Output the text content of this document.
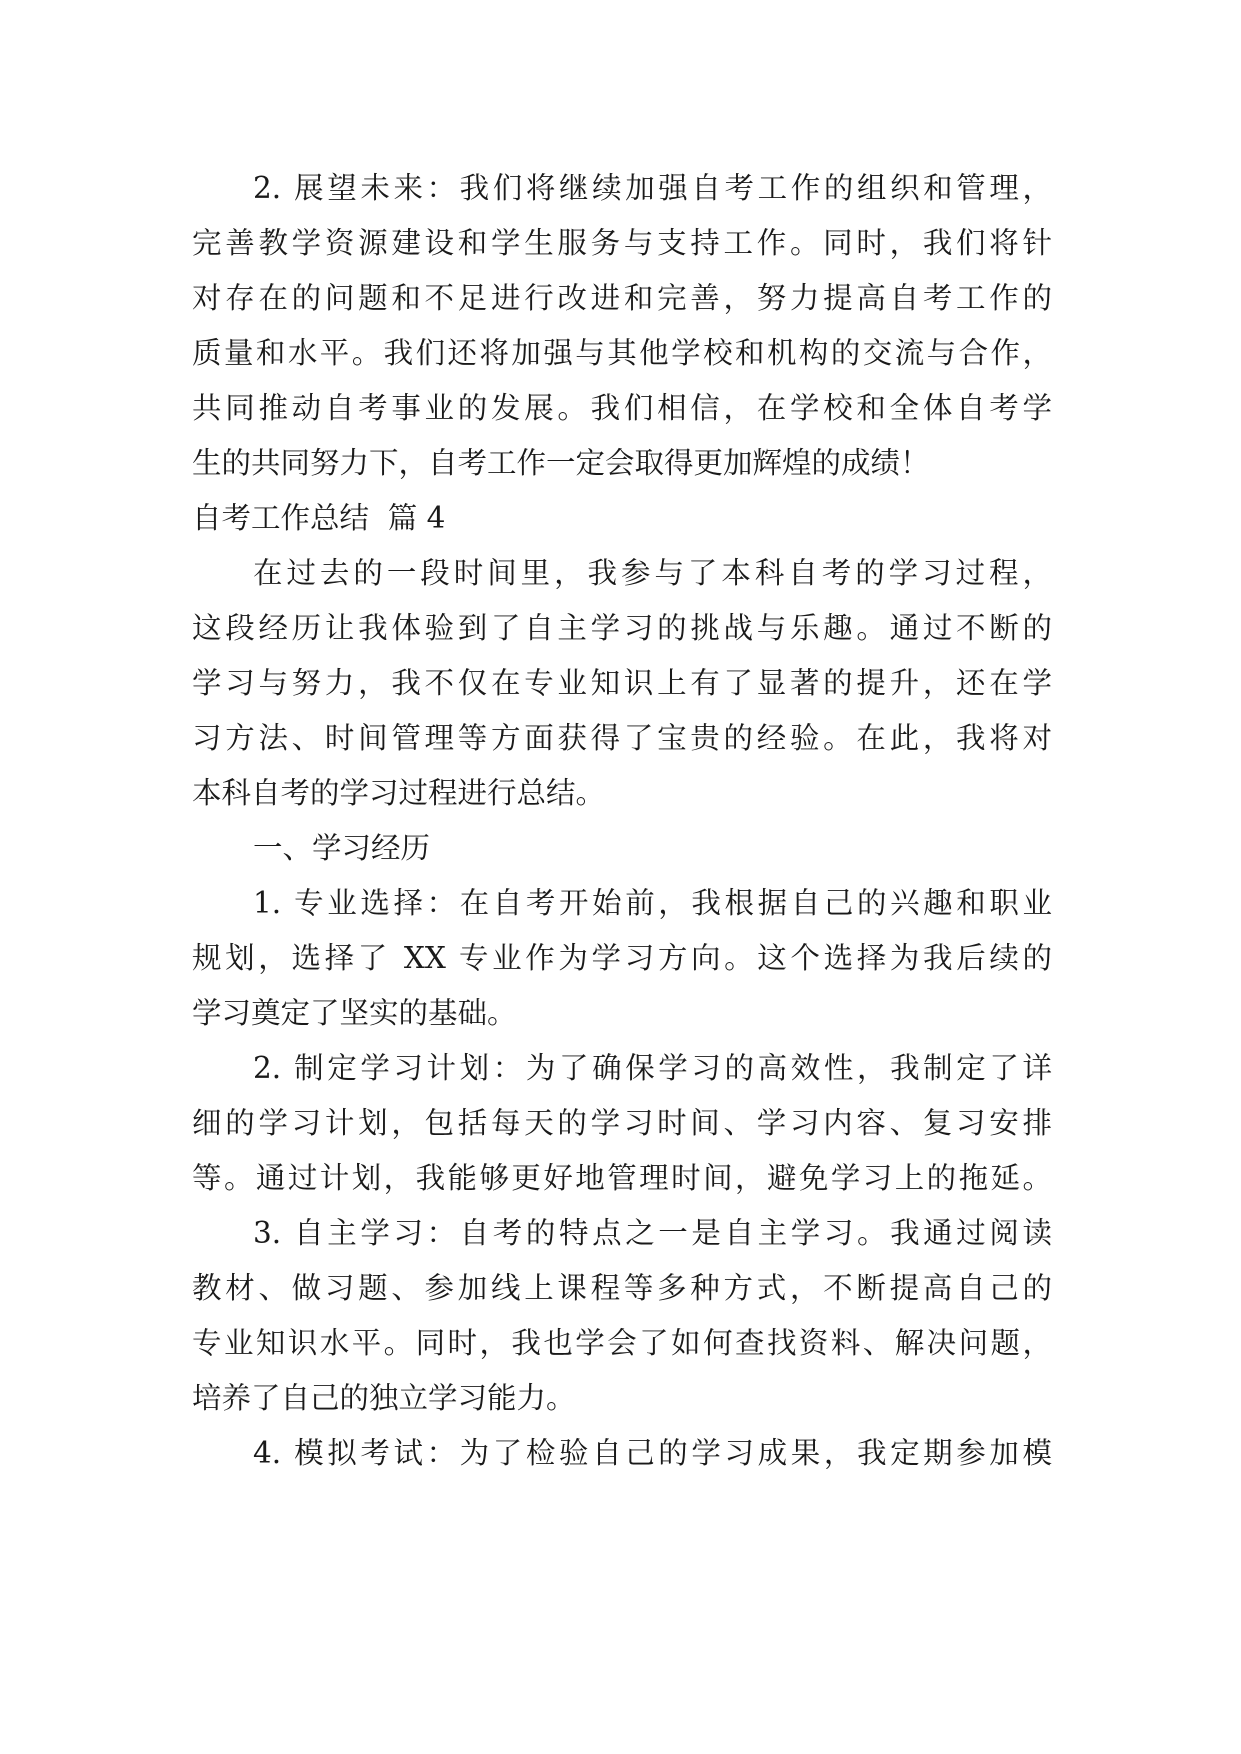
2. 展望未来：我们将继续加强自考工作的组织和管理，
完善教学资源建设和学生服务与支持工作。同时，我们将针
对存在的问题和不足进行改进和完善，努力提高自考工作的
质量和水平。我们还将加强与其他学校和机构的交流与合作，
共同推动自考事业的发展。我们相信，在学校和全体自考学
生的共同努力下，自考工作一定会取得更加辉煌的成绩！
自考工作总结  篇 4
在过去的一段时间里，我参与了本科自考的学习过程，
这段经历让我体验到了自主学习的挑战与乐趣。通过不断的
学习与努力，我不仅在专业知识上有了显著的提升，还在学
习方法、时间管理等方面获得了宝贵的经验。在此，我将对
本科自考的学习过程进行总结。
一、学习经历
1. 专业选择：在自考开始前，我根据自己的兴趣和职业
规划，选择了 XX 专业作为学习方向。这个选择为我后续的
学习奠定了坚实的基础。
2. 制定学习计划：为了确保学习的高效性，我制定了详
细的学习计划，包括每天的学习时间、学习内容、复习安排
等。通过计划，我能够更好地管理时间，避免学习上的拖延。
3. 自主学习：自考的特点之一是自主学习。我通过阅读
教材、做习题、参加线上课程等多种方式，不断提高自己的
专业知识水平。同时，我也学会了如何查找资料、解决问题，
培养了自己的独立学习能力。
4. 模拟考试：为了检验自己的学习成果，我定期参加模
